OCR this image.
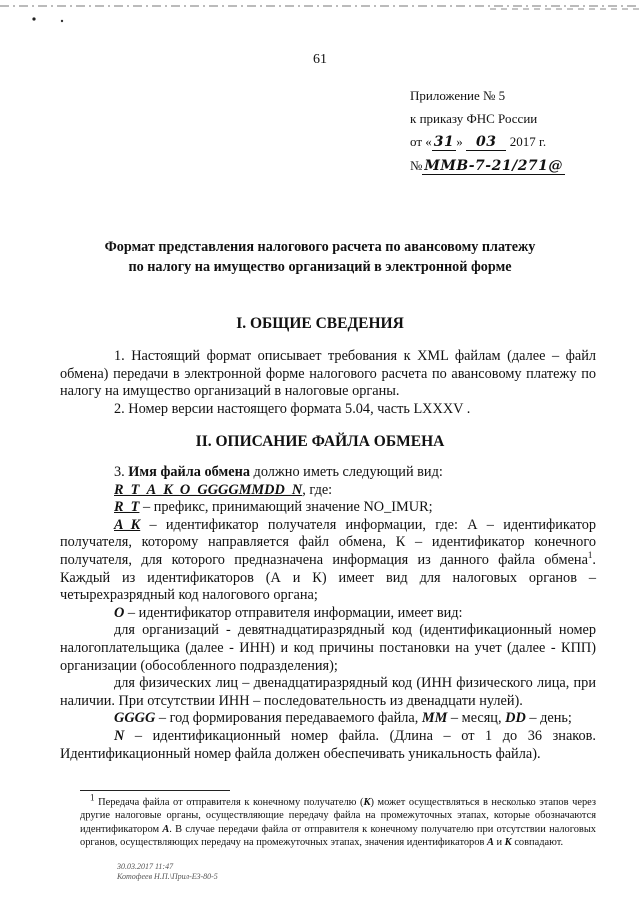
61
Приложение № 5
к приказу ФНС России
от « 31 » 03 2017 г.
№ ММВ-7-21/271@
Формат представления налогового расчета по авансовому платежу
по налогу на имущество организаций в электронной форме
I. ОБЩИЕ СВЕДЕНИЯ

1. Настоящий формат описывает требования к XML файлам (далее – файл обмена) передачи в электронной форме налогового расчета по авансовому платежу по налогу на имущество организаций в налоговые органы.

2. Номер версии настоящего формата 5.04, часть LXXXV .

II. ОПИСАНИЕ ФАЙЛА ОБМЕНА

3. Имя файла обмена должно иметь следующий вид:

R_T_A_K_O_GGGGMMDD_N, где:

R_T – префикс, принимающий значение NO_IMUR;

A_K – идентификатор получателя информации, где: А – идентификатор получателя, которому направляется файл обмена, К – идентификатор конечного получателя, для которого предназначена информация из данного файла обмена$^1$. Каждый из идентификаторов (А и К) имеет вид для налоговых органов – четырехразрядный код налогового органа;

O – идентификатор отправителя информации, имеет вид:

для организаций - девятнадцатиразрядный код (идентификационный номер налогоплательщика (далее - ИНН) и код причины постановки на учет (далее - КПП) организации (обособленного подразделения);

для физических лиц – двенадцатиразрядный код (ИНН физического лица, при наличии. При отсутствии ИНН – последовательность из двенадцати нулей).

GGGG – год формирования передаваемого файла, MM – месяц, DD – день;

N – идентификационный номер файла. (Длина – от 1 до 36 знаков. Идентификационный номер файла должен обеспечивать уникальность файла).

$^1$ Передача файла от отправителя к конечному получателю (К) может осуществляться в несколько этапов через другие налоговые органы, осуществляющие передачу файла на промежуточных этапах, которые обозначаются идентификатором А. В случае передачи файла от отправителя к конечному получателю при отсутствии налоговых органов, осуществляющих передачу на промежуточных этапах, значения идентификаторов А и К совпадают.

30.03.2017 11:47
Котофеев Н.П.\Прил-ЕЗ-80-5
